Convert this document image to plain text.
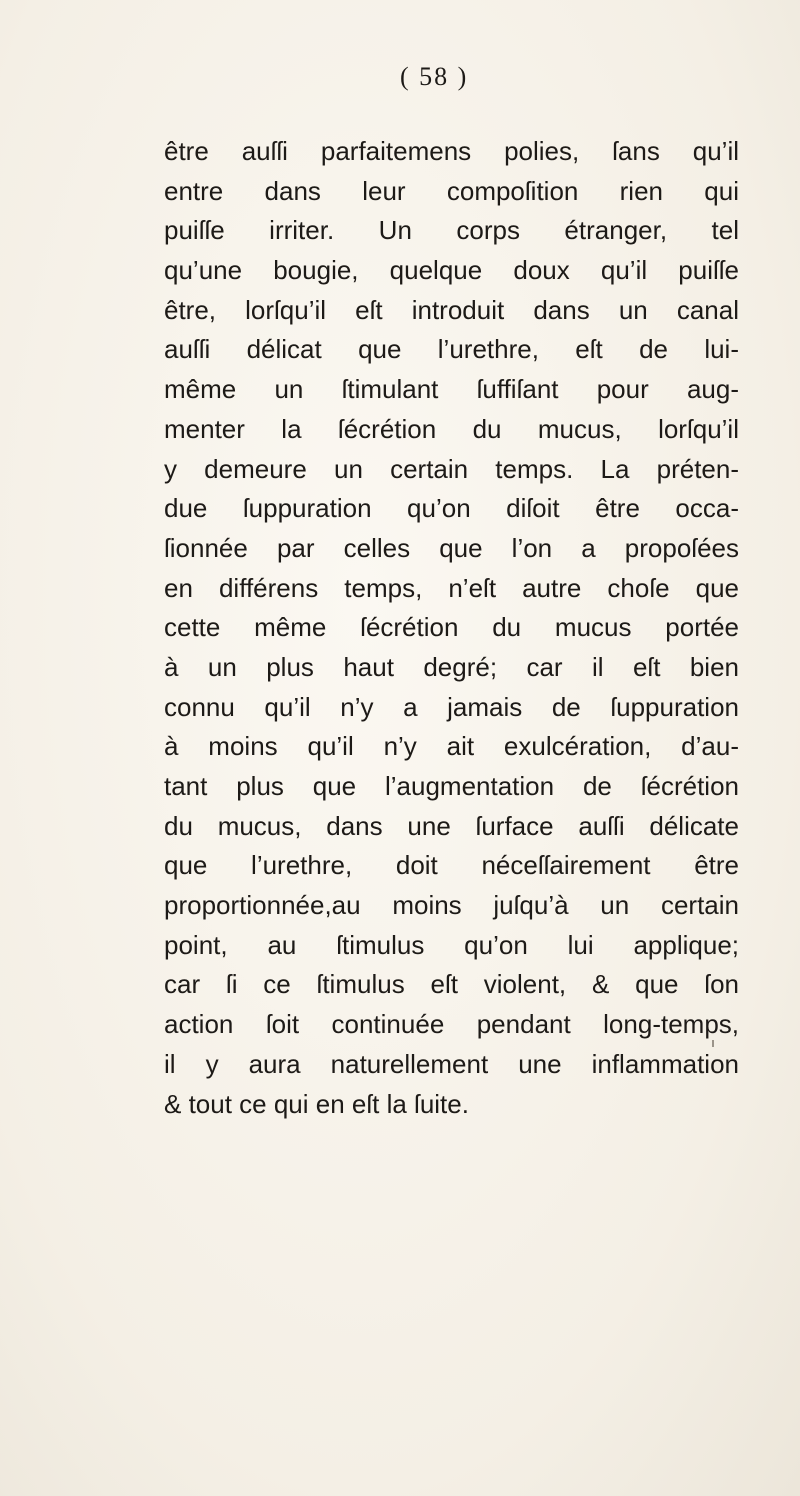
( 58 )
être auſſi parfaitemens polies, ſans qu’il
entre dans leur compoſition rien qui
puiſſe irriter. Un corps étranger, tel
qu’une bougie, quelque doux qu’il puiſſe
être, lorſqu’il eſt introduit dans un canal
auſſi délicat que l’urethre, eſt de lui-
même un ſtimulant ſuffiſant pour aug-
menter la ſécrétion du mucus, lorſqu’il
y demeure un certain temps. La préten-
due ſuppuration qu’on diſoit être occa-
ſionnée par celles que l’on a propoſées
en différens temps, n’eſt autre choſe que
cette même ſécrétion du mucus portée
à un plus haut degré; car il eſt bien
connu qu’il n’y a jamais de ſuppuration
à moins qu’il n’y ait exulcération, d’au-
tant plus que l’augmentation de ſécrétion
du mucus, dans une ſurface auſſi délicate
que l’urethre, doit néceſſairement être
proportionnée,au moins juſqu’à un certain
point, au ſtimulus qu’on lui applique;
car ſi ce ſtimulus eſt violent, & que ſon
action ſoit continuée pendant long-temps,
il y aura naturellement une inflammation
& tout ce qui en eſt la ſuite.
